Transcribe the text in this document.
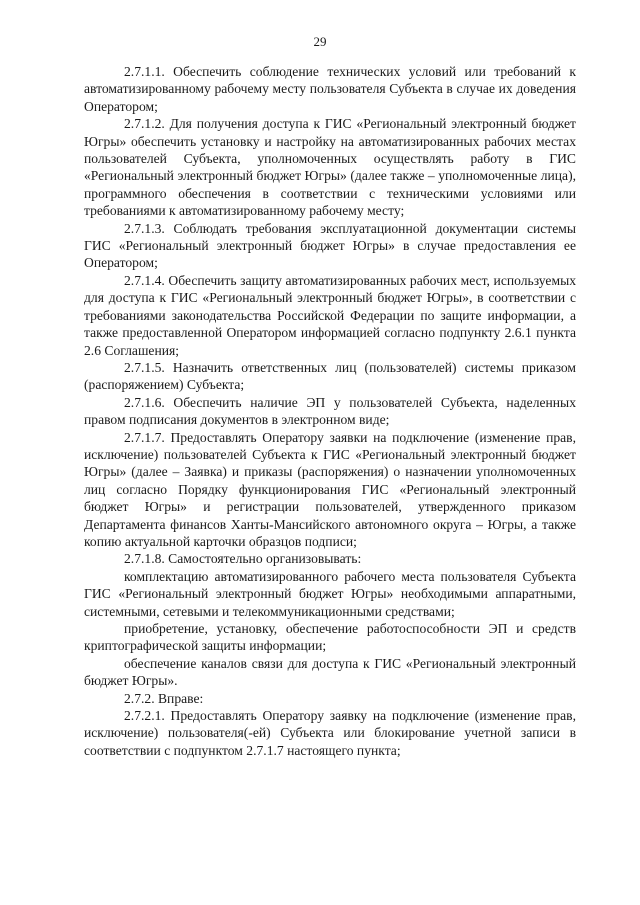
29

2.7.1.1. Обеспечить соблюдение технических условий или требований к автоматизированному рабочему месту пользователя Субъекта в случае их доведения Оператором;

2.7.1.2. Для получения доступа к ГИС «Региональный электронный бюджет Югры» обеспечить установку и настройку на автоматизированных рабочих местах пользователей Субъекта, уполномоченных осуществлять работу в ГИС «Региональный электронный бюджет Югры» (далее также – уполномоченные лица), программного обеспечения в соответствии с техническими условиями или требованиями к автоматизированному рабочему месту;

2.7.1.3. Соблюдать требования эксплуатационной документации системы ГИС «Региональный электронный бюджет Югры» в случае предоставления ее Оператором;

2.7.1.4. Обеспечить защиту автоматизированных рабочих мест, используемых для доступа к ГИС «Региональный электронный бюджет Югры», в соответствии с требованиями законодательства Российской Федерации по защите информации, а также предоставленной Оператором информацией согласно подпункту 2.6.1 пункта 2.6 Соглашения;

2.7.1.5. Назначить ответственных лиц (пользователей) системы приказом (распоряжением) Субъекта;

2.7.1.6. Обеспечить наличие ЭП у пользователей Субъекта, наделенных правом подписания документов в электронном виде;

2.7.1.7. Предоставлять Оператору заявки на подключение (изменение прав, исключение) пользователей Субъекта к ГИС «Региональный электронный бюджет Югры» (далее – Заявка) и приказы (распоряжения) о назначении уполномоченных лиц согласно Порядку функционирования ГИС «Региональный электронный бюджет Югры» и регистрации пользователей, утвержденного приказом Департамента финансов Ханты-Мансийского автономного округа – Югры, а также копию актуальной карточки образцов подписи;

2.7.1.8. Самостоятельно организовывать:

комплектацию автоматизированного рабочего места пользователя Субъекта ГИС «Региональный электронный бюджет Югры» необходимыми аппаратными, системными, сетевыми и телекоммуникационными средствами;

приобретение, установку, обеспечение работоспособности ЭП и средств криптографической защиты информации;

обеспечение каналов связи для доступа к ГИС «Региональный электронный бюджет Югры».

2.7.2. Вправе:

2.7.2.1. Предоставлять Оператору заявку на подключение (изменение прав, исключение) пользователя(-ей) Субъекта или блокирование учетной записи в соответствии с подпунктом 2.7.1.7 настоящего пункта;
